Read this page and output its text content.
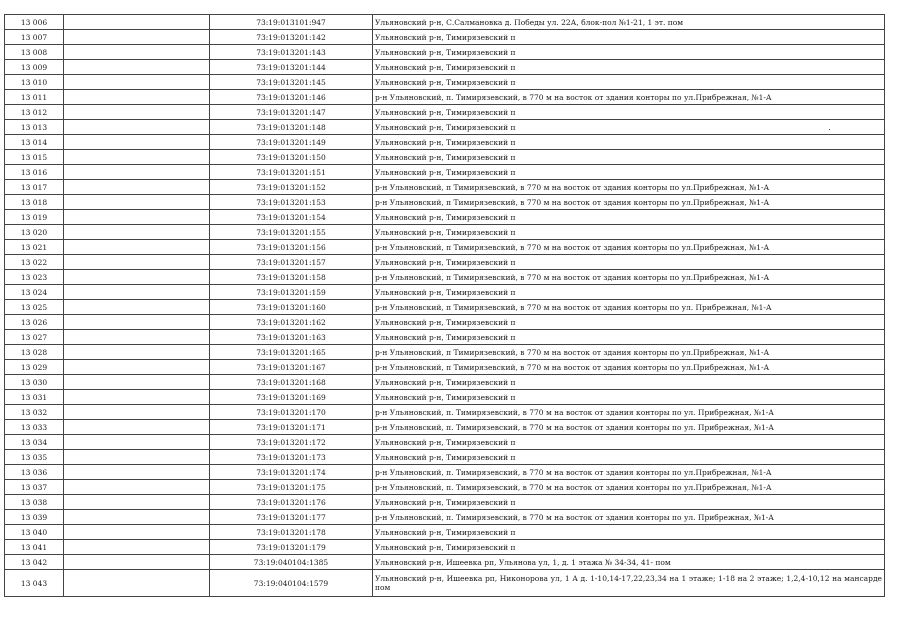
13 006		73:19:013101:947	Ульяновский р-н, С.Салмановка д. Победы ул. 22А, блок-пол №1-21, 1 эт. пом
13 007		73:19:013201:142	Ульяновский р-н, Тимирязевский п
13 008		73:19:013201:143	Ульяновский р-н, Тимирязевский п
13 009		73:19:013201:144	Ульяновский р-н, Тимирязевский п
13 010		73:19:013201:145	Ульяновский р-н, Тимирязевский п
13 011		73:19:013201:146	р-н Ульяновский, п. Тимирязевский, в 770 м на восток от здания конторы по ул.Прибрежная, №1-А
13 012		73:19:013201:147	Ульяновский р-н, Тимирязевский п
13 013		73:19:013201:148	Ульяновский р-н, Тимирязевский п
13 014		73:19:013201:149	Ульяновский р-н, Тимирязевский п
13 015		73:19:013201:150	Ульяновский р-н, Тимирязевский п
13 016		73:19:013201:151	Ульяновский р-н, Тимирязевский п
13 017		73:19:013201:152	р-н Ульяновский, п Тимирязевский, в 770 м на восток от здания конторы по ул.Прибрежная, №1-А
13 018		73:19:013201:153	р-н Ульяновский, п Тимирязевский, в 770 м на восток от здания конторы по ул.Прибрежная, №1-А
13 019		73:19:013201:154	Ульяновский р-н, Тимирязевский п
13 020		73:19:013201:155	Ульяновский р-н, Тимирязевский п
13 021		73:19:013201:156	р-н Ульяновский, п Тимирязевский, в 770 м на восток от здания конторы по ул.Прибрежная, №1-А
13 022		73:19:013201:157	Ульяновский р-н, Тимирязевский п
13 023		73:19:013201:158	р-н Ульяновский, п Тимирязевский, в 770 м на восток от здания конторы по ул.Прибрежная, №1-А
13 024		73:19:013201:159	Ульяновский р-н, Тимирязевский п
13 025		73:19:013201:160	р-н Ульяновский, п Тимирязевский, в 770 м на восток от здания конторы по ул. Прибрежная, №1-А
13 026		73:19:013201:162	Ульяновский р-н, Тимирязевский п
13 027		73:19:013201:163	Ульяновский р-н, Тимирязевский п
13 028		73:19:013201:165	р-н Ульяновский, п Тимирязевский, в 770 м на восток от здания конторы по ул.Прибрежная, №1-А
13 029		73:19:013201:167	р-н Ульяновский, п Тимирязевский, в 770 м на восток от здания конторы по ул.Прибрежная, №1-А
13 030		73:19:013201:168	Ульяновский р-н, Тимирязевский п
13 031		73:19:013201:169	Ульяновский р-н, Тимирязевский п
13 032		73:19:013201:170	р-н Ульяновский, п. Тимирязевский, в 770 м на восток от здания конторы по ул. Прибрежная, №1-А
13 033		73:19:013201:171	р-н Ульяновский, п. Тимирязевский, в 770 м на восток от здания конторы по ул. Прибрежная, №1-А
13 034		73:19:013201:172	Ульяновский р-н, Тимирязевский п
13 035		73:19:013201:173	Ульяновский р-н, Тимирязевский п
13 036		73:19:013201:174	р-н Ульяновский, п. Тимирязевский, в 770 м на восток от здания конторы по ул.Прибрежная, №1-А
13 037		73:19:013201:175	р-н Ульяновский, п. Тимирязевский, в 770 м на восток от здания конторы по ул.Прибрежная, №1-А
13 038		73:19:013201:176	Ульяновский р-н, Тимирязевский п
13 039		73:19:013201:177	р-н Ульяновский, п. Тимирязевский, в 770 м на восток от здания конторы по ул. Прибрежная, №1-А
13 040		73:19:013201:178	Ульяновский р-н, Тимирязевский п
13 041		73:19:013201:179	Ульяновский р-н, Тимирязевский п
13 042		73:19:040104:1385	Ульяновский р-н, Ишеевка рп, Ульянова ул, 1, д. 1 этажа № 34-34, 41- пом
13 043		73:19:040104:1579	Ульяновский р-н, Ишеевка рп, Никонорова ул, 1 А д. 1-10,14-17,22,23,34 на 1 этаже; 1-18 на 2 этаже; 1,2,4-10,12 на мансарде пом
